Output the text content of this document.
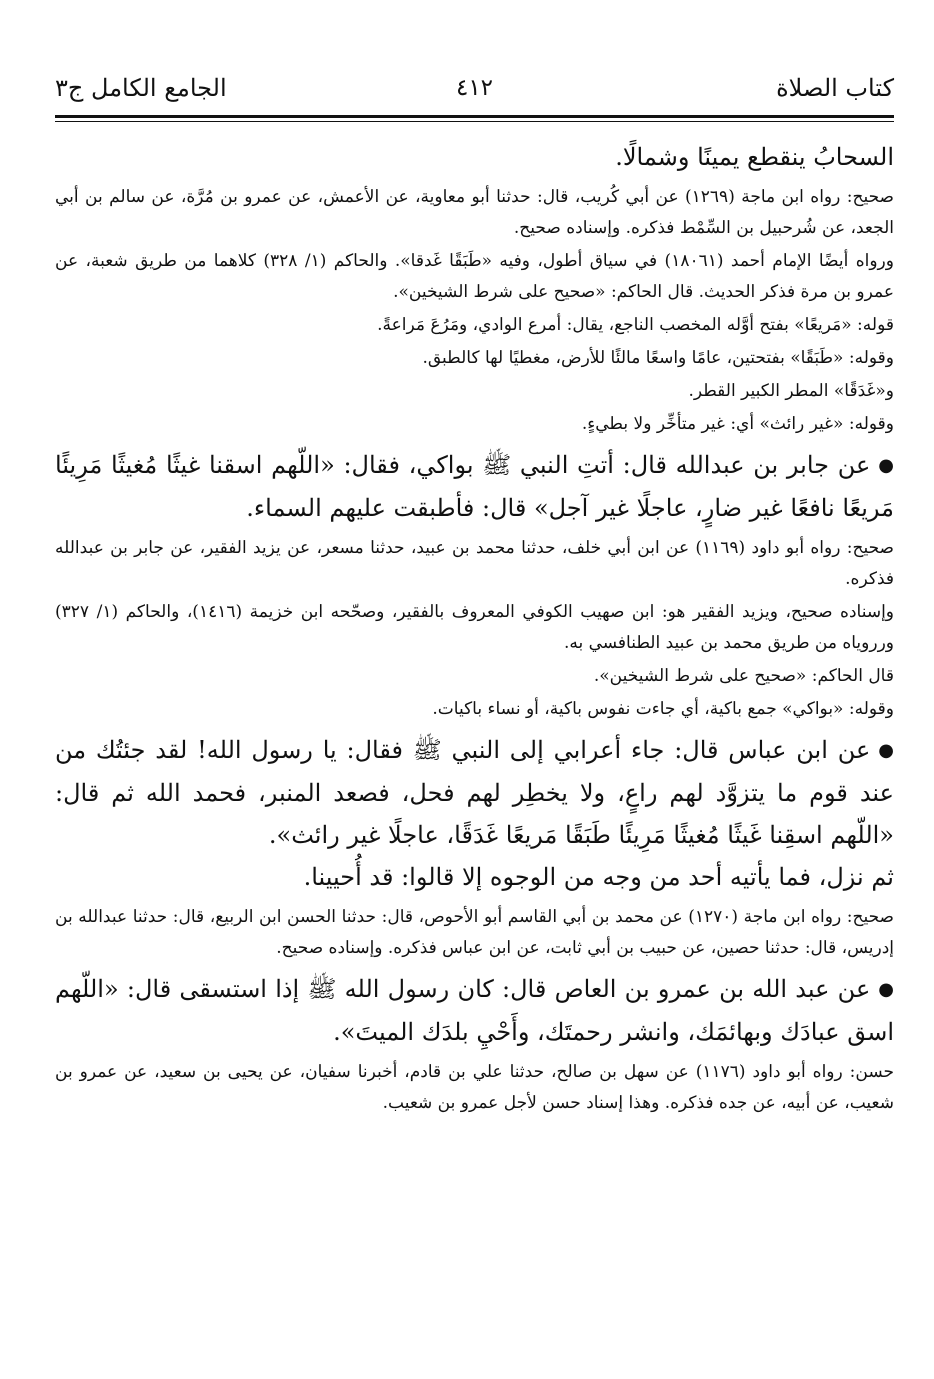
كتاب الصلاة
٤١٢
الجامع الكامل ج٣

السحابُ ينقطع يمينًا وشمالًا.

صحيح: رواه ابن ماجة (١٢٦٩) عن أبي كُريب، قال: حدثنا أبو معاوية، عن الأعمش، عن عمرو بن مُرَّة، عن سالم بن أبي الجعد، عن شُرحبيل بن السِّمْط فذكره. وإسناده صحيح.

ورواه أيضًا الإمام أحمد (١٨٠٦١) في سياق أطول، وفيه «طَبَقًا غَدقا». والحاكم (١/ ٣٢٨) كلاهما من طريق شعبة، عن عمرو بن مرة فذكر الحديث. قال الحاكم: «صحيح على شرط الشيخين».

قوله: «مَريعًا» بفتح أوَّله المخصب الناجع، يقال: أمرع الوادي، ومَرُعَ مَراعةً.

وقوله: «طَبَقًا» بفتحتين، عامًا واسعًا مالئًا للأرض، مغطيًا لها كالطبق.

و«غَدَقًا» المطر الكبير القطر.

وقوله: «غير رائث» أي: غير متأخِّر ولا بطيءٍ.

●عن جابر بن عبدالله قال: أتتِ النبي ﷺ بواكي، فقال: «اللّهم اسقنا غيثًا مُغيثًا مَرِيئًا مَريعًا نافعًا غير ضارٍ، عاجلًا غير آجل» قال: فأطبقت عليهم السماء.

صحيح: رواه أبو داود (١١٦٩) عن ابن أبي خلف، حدثنا محمد بن عبيد، حدثنا مسعر، عن يزيد الفقير، عن جابر بن عبدالله فذكره.

وإسناده صحيح، ويزيد الفقير هو: ابن صهيب الكوفي المعروف بالفقير، وصحّحه ابن خزيمة (١٤١٦)، والحاكم (١/ ٣٢٧) ورروياه من طريق محمد بن عبيد الطنافسي به.

قال الحاكم: «صحيح على شرط الشيخين».

وقوله: «بواكي» جمع باكية، أي جاءت نفوس باكية، أو نساء باكيات.

●عن ابن عباس قال: جاء أعرابي إلى النبي ﷺ فقال: يا رسول الله! لقد جئتُك من عند قوم ما يتزوَّد لهم راعٍ، ولا يخطِر لهم فحل، فصعد المنبر، فحمد الله ثم قال: «اللّهم اسقِنا غَيثًا مُغيثًا مَرِيئًا طَبَقًا مَريعًا غَدَقًا، عاجلًا غير رائث».

ثم نزل، فما يأتيه أحد من وجه من الوجوه إلا قالوا: قد أُحيينا.

صحيح: رواه ابن ماجة (١٢٧٠) عن محمد بن أبي القاسم أبو الأحوص، قال: حدثنا الحسن ابن الربيع، قال: حدثنا عبدالله بن إدريس، قال: حدثنا حصين، عن حبيب بن أبي ثابت، عن ابن عباس فذكره. وإسناده صحيح.

●عن عبد الله بن عمرو بن العاص قال: كان رسول الله ﷺ إذا استسقى قال: «اللّهم اسق عبادَك وبهائمَك، وانشر رحمتَك، وأَحْيِ بلدَك الميتَ».

حسن: رواه أبو داود (١١٧٦) عن سهل بن صالح، حدثنا علي بن قادم، أخبرنا سفيان، عن يحيى بن سعيد، عن عمرو بن شعيب، عن أبيه، عن جده فذكره. وهذا إسناد حسن لأجل عمرو بن شعيب.
